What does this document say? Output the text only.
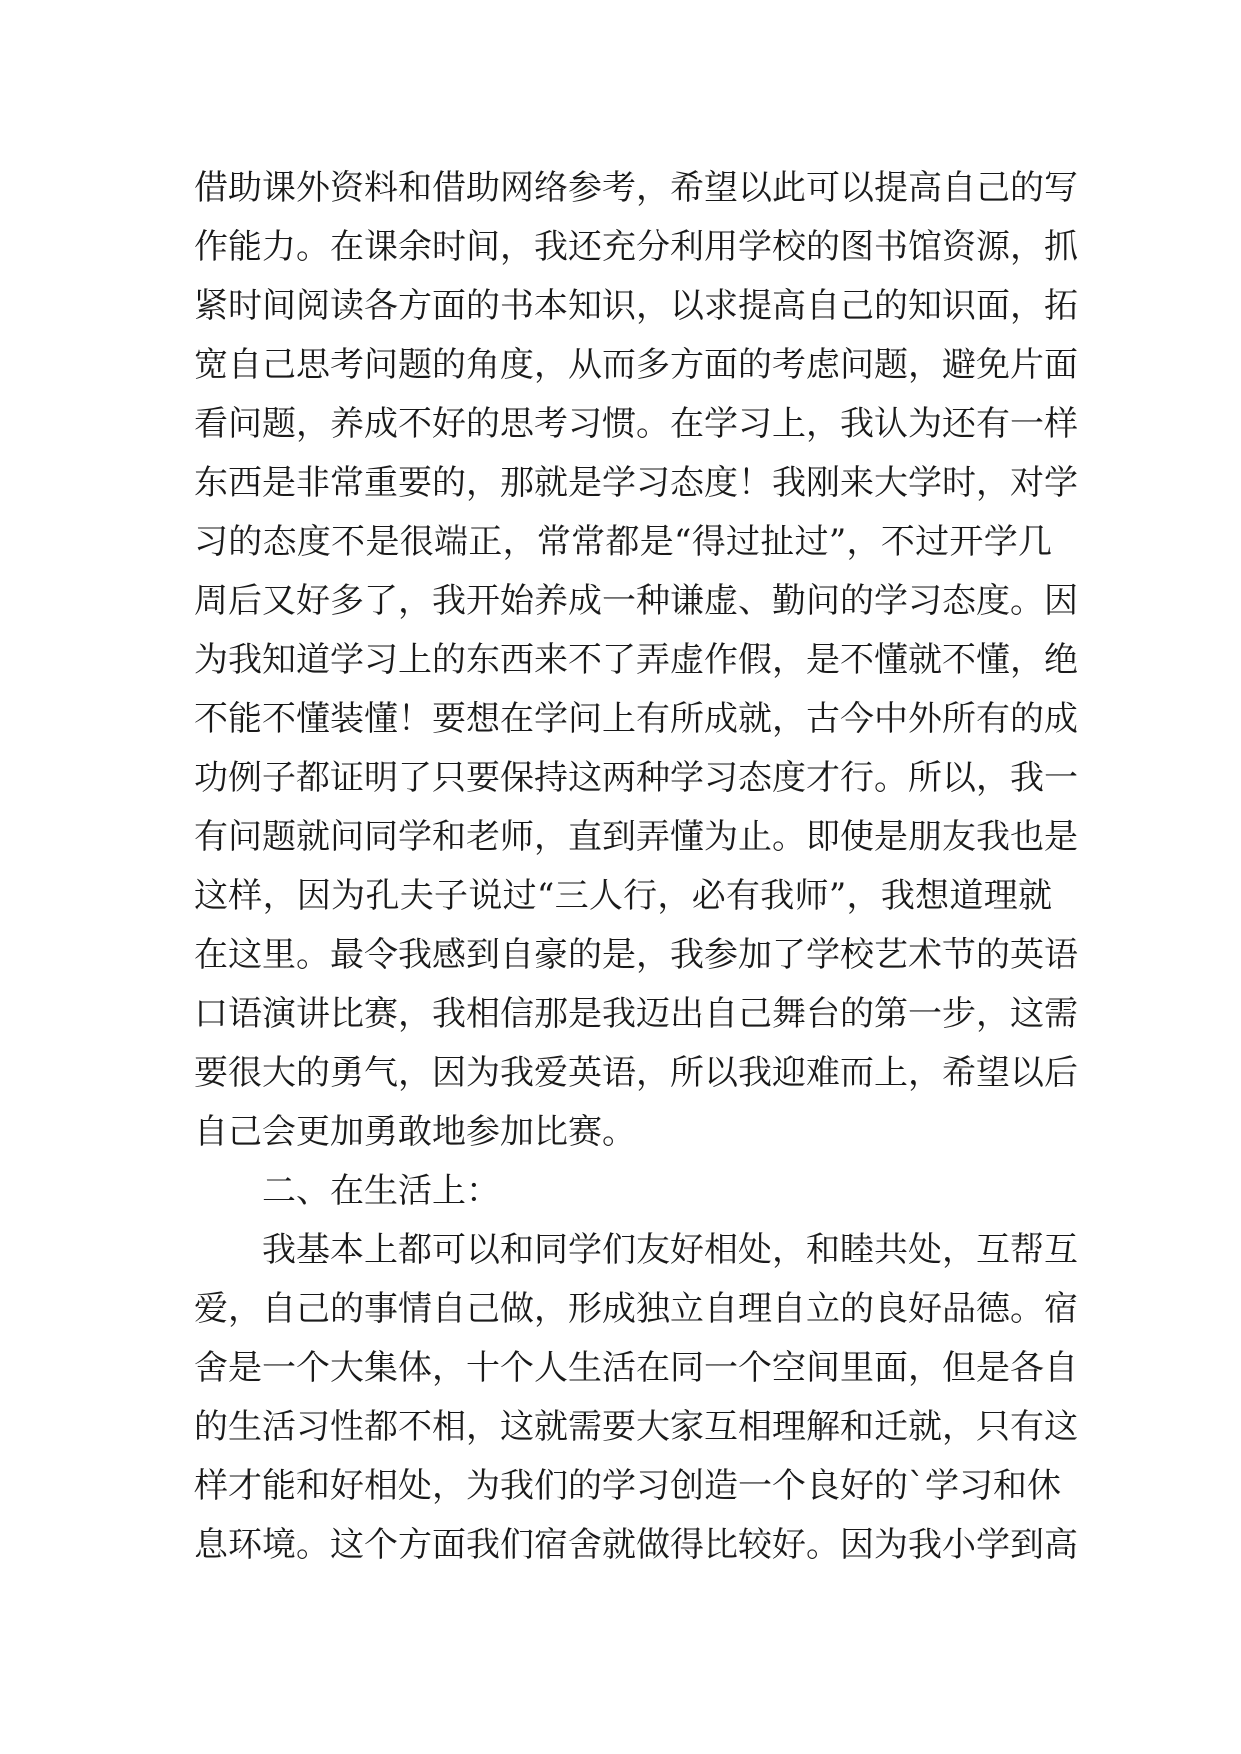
借助课外资料和借助网络参考，希望以此可以提高自己的写
作能力。在课余时间，我还充分利用学校的图书馆资源，抓
紧时间阅读各方面的书本知识，以求提高自己的知识面，拓
宽自己思考问题的角度，从而多方面的考虑问题，避免片面
看问题，养成不好的思考习惯。在学习上，我认为还有一样
东西是非常重要的，那就是学习态度！我刚来大学时，对学
习的态度不是很端正，常常都是“得过扯过”，不过开学几
周后又好多了，我开始养成一种谦虚、勤问的学习态度。因
为我知道学习上的东西来不了弄虚作假，是不懂就不懂，绝
不能不懂装懂！要想在学问上有所成就，古今中外所有的成
功例子都证明了只要保持这两种学习态度才行。所以，我一
有问题就问同学和老师，直到弄懂为止。即使是朋友我也是
这样，因为孔夫子说过“三人行，必有我师”，我想道理就
在这里。最令我感到自豪的是，我参加了学校艺术节的英语
口语演讲比赛，我相信那是我迈出自己舞台的第一步，这需
要很大的勇气，因为我爱英语，所以我迎难而上，希望以后
自己会更加勇敢地参加比赛。
二、在生活上：
我基本上都可以和同学们友好相处，和睦共处，互帮互
爱，自己的事情自己做，形成独立自理自立的良好品德。宿
舍是一个大集体，十个人生活在同一个空间里面，但是各自
的生活习性都不相，这就需要大家互相理解和迁就，只有这
样才能和好相处，为我们的学习创造一个良好的`学习和休
息环境。这个方面我们宿舍就做得比较好。因为我小学到高
